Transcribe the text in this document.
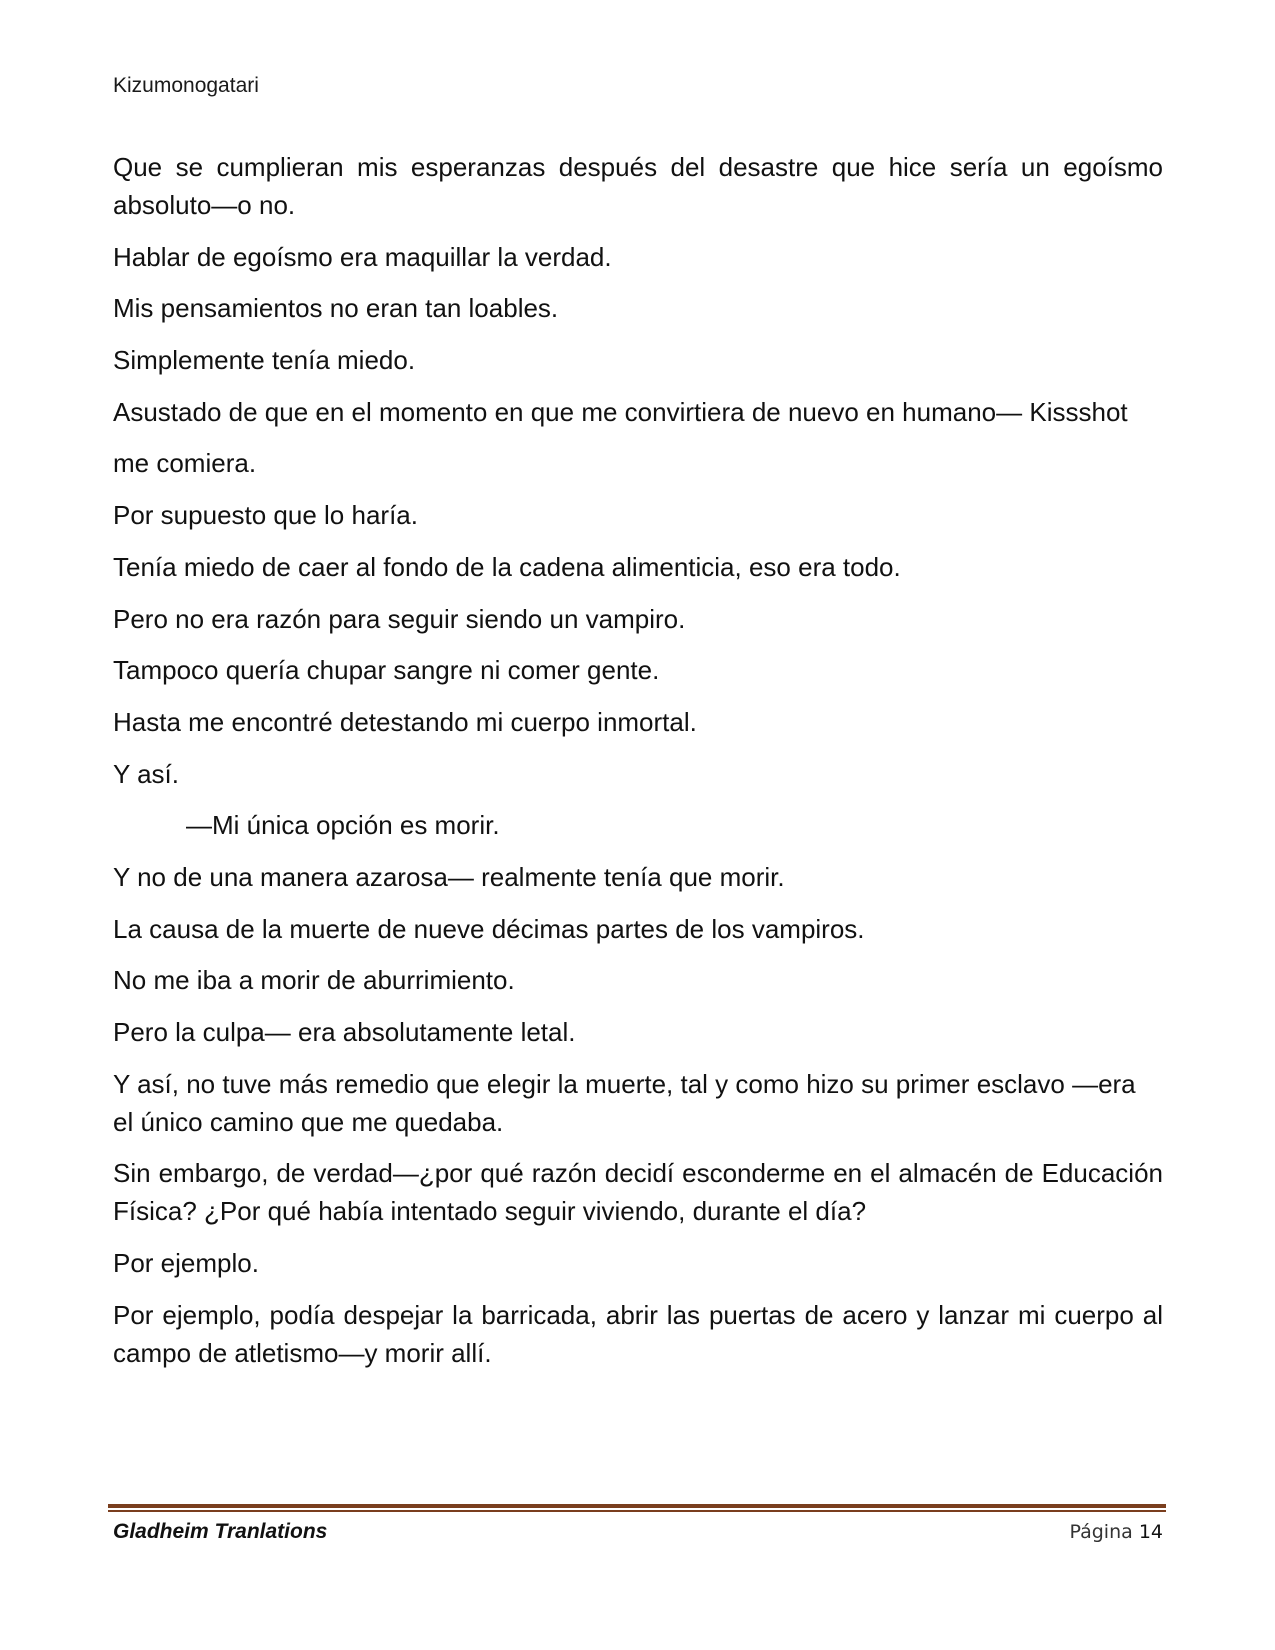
Kizumonogatari

Que se cumplieran mis esperanzas después del desastre que hice sería un egoísmo absoluto—o no.

Hablar de egoísmo era maquillar la verdad.

Mis pensamientos no eran tan loables.

Simplemente tenía miedo.

Asustado de que en el momento en que me convirtiera de nuevo en humano— Kissshot

me comiera.

Por supuesto que lo haría.

Tenía miedo de caer al fondo de la cadena alimenticia, eso era todo.

Pero no era razón para seguir siendo un vampiro.

Tampoco quería chupar sangre ni comer gente.

Hasta me encontré detestando mi cuerpo inmortal.

Y así.

—Mi única opción es morir.

Y no de una manera azarosa— realmente tenía que morir.

La causa de la muerte de nueve décimas partes de los vampiros.

No me iba a morir de aburrimiento.

Pero la culpa— era absolutamente letal.

Y así, no tuve más remedio que elegir la muerte, tal y como hizo su primer esclavo —era el único camino que me quedaba.

Sin embargo, de verdad—¿por qué razón decidí esconderme en el almacén de Educación Física? ¿Por qué había intentado seguir viviendo, durante el día?

Por ejemplo.

Por ejemplo, podía despejar la barricada, abrir las puertas de acero y lanzar mi cuerpo al campo de atletismo—y morir allí.

Gladheim Tranlations	Página 14
